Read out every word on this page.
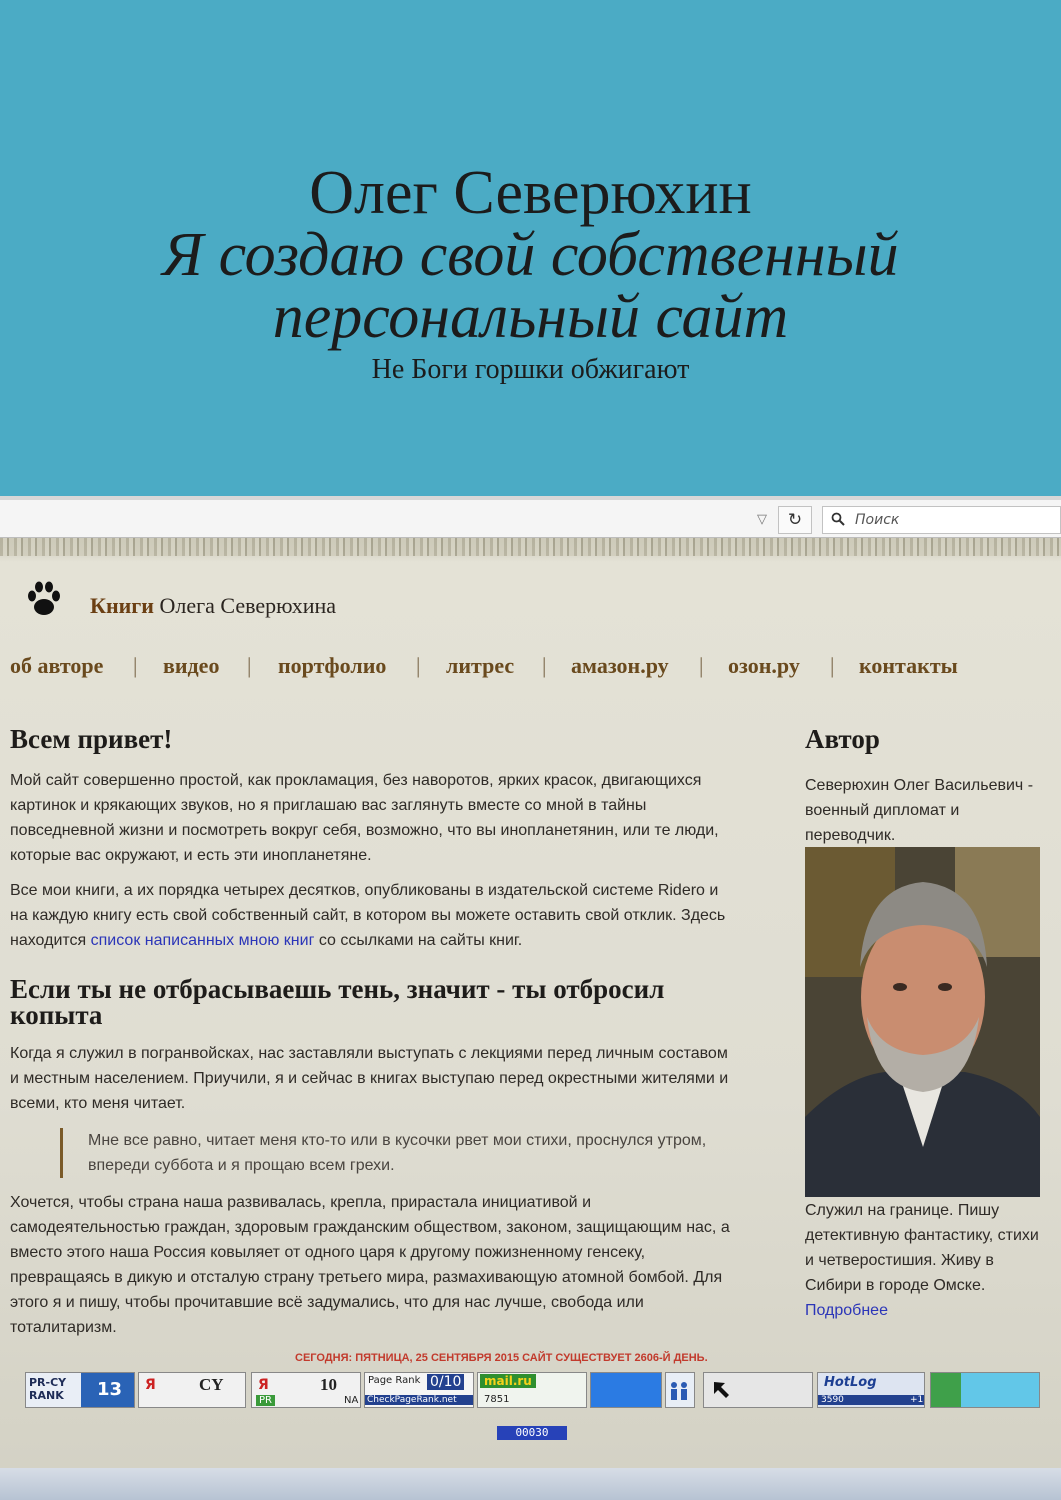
Олег Северюхин
Я создаю свой собственный
персональный сайт
Не Боги горшки обжигают
▽	↻	Поиск
Книги Олега Северюхина
об авторе | видео | портфолио | литрес | амазон.ру | озон.ру | контакты
Всем привет!
Мой сайт совершенно простой, как прокламация, без наворотов, ярких красок, двигающихся картинок и крякающих звуков, но я приглашаю вас заглянуть вместе со мной в тайны повседневной жизни и посмотреть вокруг себя, возможно, что вы инопланетянин, или те люди, которые вас окружают, и есть эти инопланетяне.
Все мои книги, а их порядка четырех десятков, опубликованы в издательской системе Ridero и на каждую книгу есть свой собственный сайт, в котором вы можете оставить свой отклик. Здесь находится список написанных мною книг со ссылками на сайты книг.
Если ты не отбрасываешь тень, значит - ты отбросил копыта
Когда я служил в погранвойсках, нас заставляли выступать с лекциями перед личным составом и местным населением. Приучили, я и сейчас в книгах выступаю перед окрестными жителями и всеми, кто меня читает.
Мне все равно, читает меня кто-то или в кусочки рвет мои стихи, проснулся утром, впереди суббота и я прощаю всем грехи.
Хочется, чтобы страна наша развивалась, крепла, прирастала инициативой и самодеятельностью граждан, здоровым гражданским обществом, законом, защищающим нас, а вместо этого наша Россия ковыляет от одного царя к другому пожизненному генсеку, превращаясь в дикую и отсталую страну третьего мира, размахивающую атомной бомбой. Для этого я и пишу, чтобы прочитавшие всё задумались, что для нас лучше, свобода или тоталитаризм.
СЕГОДНЯ: ПЯТНИЦА, 25 СЕНТЯБРЯ 2015 САЙТ СУЩЕСТВУЕТ 2606-Й ДЕНЬ.
Автор
Северюхин Олег Васильевич - военный дипломат и переводчик.
Служил на границе. Пишу детективную фантастику, стихи и четверостишия. Живу в Сибири в городе Омске. Подробнее
PR-CY
RANK	13	Я	CY Я	10
PR	NA
Page Rank 0/10
CheckPageRank.net
mail.ru
7851
HotLog
3590	+1
00030
